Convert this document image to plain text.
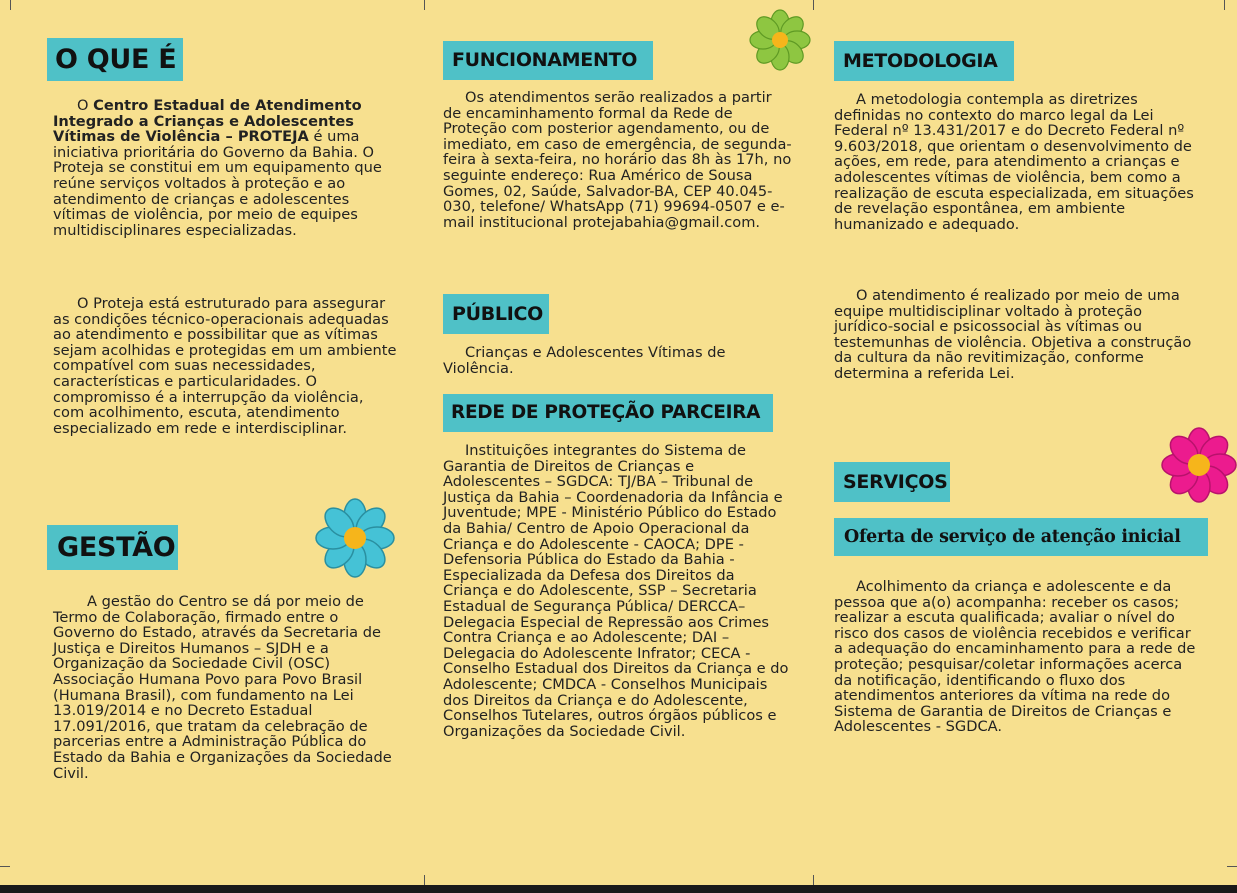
O QUE É

O Centro Estadual de Atendimento Integrado a Crianças e Adolescentes Vítimas de Violência – PROTEJA é uma iniciativa prioritária do Governo da Bahia. O Proteja se constitui em um equipamento que reúne serviços voltados à proteção e ao atendimento de crianças e adolescentes vítimas de violência, por meio de equipes multidisciplinares especializadas.

O Proteja está estruturado para assegurar as condições técnico-operacionais adequadas ao atendimento e possibilitar que as vítimas sejam acolhidas e protegidas em um ambiente compatível com suas necessidades, características e particularidades. O compromisso é a interrupção da violência, com acolhimento, escuta, atendimento especializado em rede e interdisciplinar.

GESTÃO

A gestão do Centro se dá por meio de Termo de Colaboração, firmado entre o Governo do Estado, através da Secretaria de Justiça e Direitos Humanos – SJDH e a Organização da Sociedade Civil (OSC) Associação Humana Povo para Povo Brasil (Humana Brasil), com fundamento na Lei 13.019/2014 e no Decreto Estadual 17.091/2016, que tratam da celebração de parcerias entre a Administração Pública do Estado da Bahia e Organizações da Sociedade Civil.

FUNCIONAMENTO

Os atendimentos serão realizados a partir de encaminhamento formal da Rede de Proteção com posterior agendamento, ou de imediato, em caso de emergência, de segunda-feira à sexta-feira, no horário das 8h às 17h, no seguinte endereço: Rua Américo de Sousa Gomes, 02, Saúde, Salvador-BA, CEP 40.045-030, telefone/ WhatsApp (71) 99694-0507 e e-mail institucional protejabahia@gmail.com.

PÚBLICO

Crianças e Adolescentes Vítimas de Violência.

REDE DE PROTEÇÃO PARCEIRA

Instituições integrantes do Sistema de Garantia de Direitos de Crianças e Adolescentes – SGDCA: TJ/BA – Tribunal de Justiça da Bahia – Coordenadoria da Infância e Juventude; MPE - Ministério Público do Estado da Bahia/ Centro de Apoio Operacional da Criança e do Adolescente - CAOCA; DPE - Defensoria Pública do Estado da Bahia - Especializada da Defesa dos Direitos da Criança e do Adolescente, SSP – Secretaria Estadual de Segurança Pública/ DERCCA– Delegacia Especial de Repressão aos Crimes Contra Criança e ao Adolescente; DAI – Delegacia do Adolescente Infrator; CECA - Conselho Estadual dos Direitos da Criança e do Adolescente; CMDCA - Conselhos Municipais dos Direitos da Criança e do Adolescente, Conselhos Tutelares, outros órgãos públicos e Organizações da Sociedade Civil.

METODOLOGIA

A metodologia contempla as diretrizes definidas no contexto do marco legal da Lei Federal nº 13.431/2017 e do Decreto Federal nº 9.603/2018, que orientam o desenvolvimento de ações, em rede, para atendimento a crianças e adolescentes vítimas de violência, bem como a realização de escuta especializada, em situações de revelação espontânea, em ambiente humanizado e adequado.

O atendimento é realizado por meio de uma equipe multidisciplinar voltado à proteção jurídico-social e psicossocial às vítimas ou testemunhas de violência. Objetiva a construção da cultura da não revitimização, conforme determina a referida Lei.

SERVIÇOS
Oferta de serviço de atenção inicial

Acolhimento da criança e adolescente e da pessoa que a(o) acompanha: receber os casos; realizar a escuta qualificada; avaliar o nível do risco dos casos de violência recebidos e verificar a adequação do encaminhamento para a rede de proteção; pesquisar/coletar informações acerca da notificação, identificando o fluxo dos atendimentos anteriores da vítima na rede do Sistema de Garantia de Direitos de Crianças e Adolescentes - SGDCA.
